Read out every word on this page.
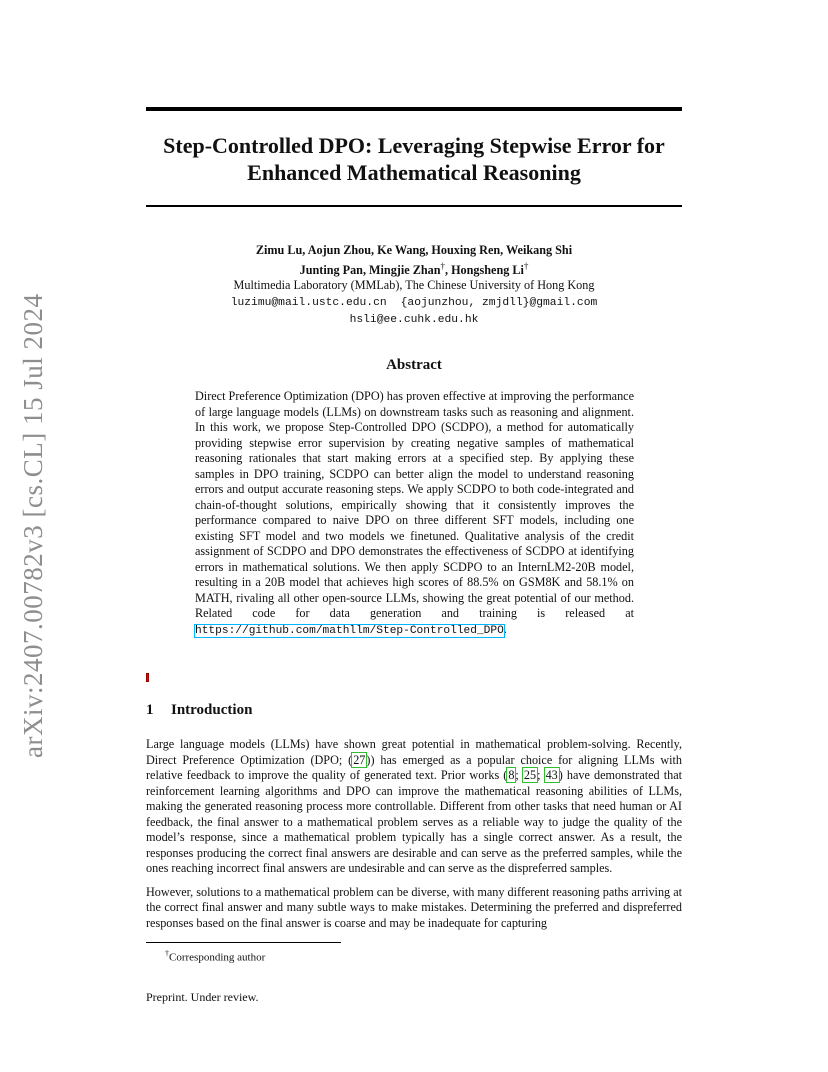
arXiv:2407.00782v3 [cs.CL] 15 Jul 2024
Step-Controlled DPO: Leveraging Stepwise Error for
Enhanced Mathematical Reasoning
Zimu Lu, Aojun Zhou, Ke Wang, Houxing Ren, Weikang Shi
Junting Pan, Mingjie Zhan†, Hongsheng Li†
Multimedia Laboratory (MMLab), The Chinese University of Hong Kong
luzimu@mail.ustc.edu.cn {aojunzhou, zmjdll}@gmail.com
hsli@ee.cuhk.edu.hk
Abstract
Direct Preference Optimization (DPO) has proven effective at improving the performance of large language models (LLMs) on downstream tasks such as reasoning and alignment. In this work, we propose Step-Controlled DPO (SCDPO), a method for automatically providing stepwise error supervision by creating negative samples of mathematical reasoning rationales that start making errors at a specified step. By applying these samples in DPO training, SCDPO can better align the model to understand reasoning errors and output accurate reasoning steps. We apply SCDPO to both code-integrated and chain-of-thought solutions, empirically showing that it consistently improves the performance compared to naive DPO on three different SFT models, including one existing SFT model and two models we finetuned. Qualitative analysis of the credit assignment of SCDPO and DPO demonstrates the effectiveness of SCDPO at identifying errors in mathematical solutions. We then apply SCDPO to an InternLM2-20B model, resulting in a 20B model that achieves high scores of 88.5% on GSM8K and 58.1% on MATH, rivaling all other open-source LLMs, showing the great potential of our method. Related code for data generation and training is released at https://github.com/mathllm/Step-Controlled_DPO.
1 Introduction

Large language models (LLMs) have shown great potential in mathematical problem-solving. Recently, Direct Preference Optimization (DPO; (27)) has emerged as a popular choice for aligning LLMs with relative feedback to improve the quality of generated text. Prior works (8; 25; 43) have demonstrated that reinforcement learning algorithms and DPO can improve the mathematical reasoning abilities of LLMs, making the generated reasoning process more controllable. Different from other tasks that need human or AI feedback, the final answer to a mathematical problem serves as a reliable way to judge the quality of the model’s response, since a mathematical problem typically has a single correct answer. As a result, the responses producing the correct final answers are desirable and can serve as the preferred samples, while the ones reaching incorrect final answers are undesirable and can serve as the dispreferred samples.

However, solutions to a mathematical problem can be diverse, with many different reasoning paths arriving at the correct final answer and many subtle ways to make mistakes. Determining the preferred and dispreferred responses based on the final answer is coarse and may be inadequate for capturing

†Corresponding author
Preprint. Under review.
